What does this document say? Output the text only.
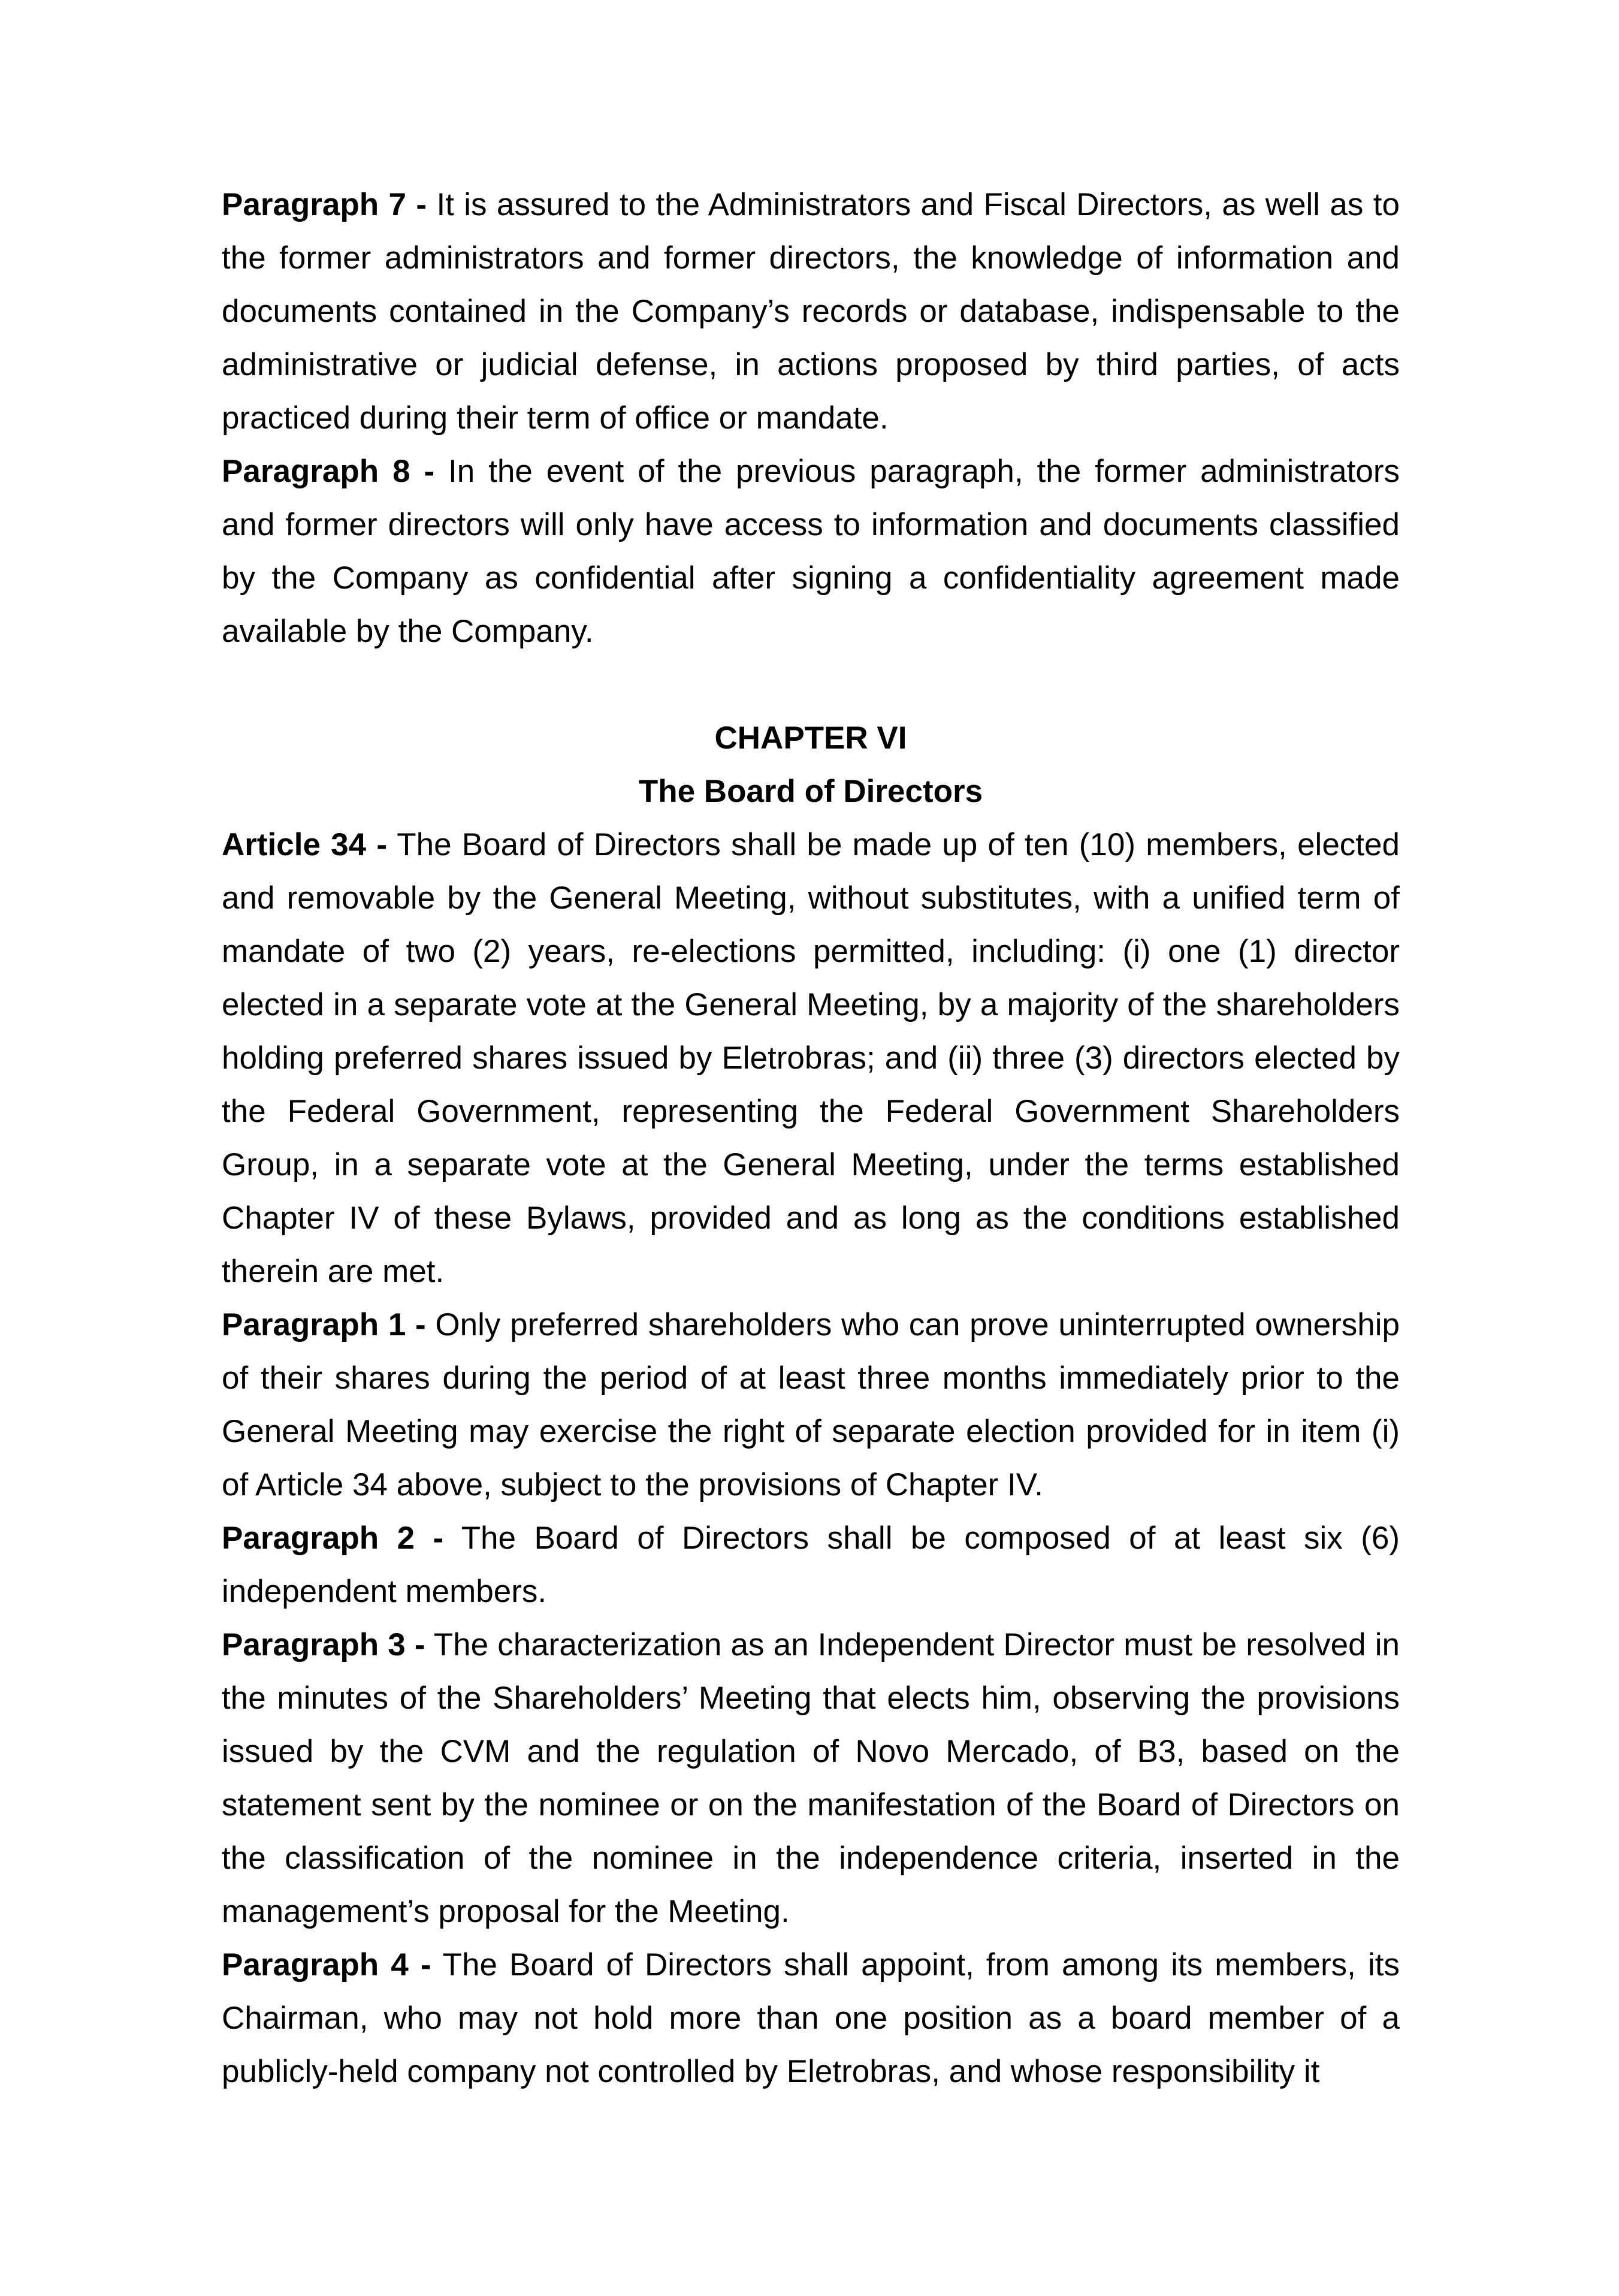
Paragraph 7 - It is assured to the Administrators and Fiscal Directors, as well as to the former administrators and former directors, the knowledge of information and documents contained in the Company’s records or database, indispensable to the administrative or judicial defense, in actions proposed by third parties, of acts practiced during their term of office or mandate.

Paragraph 8 - In the event of the previous paragraph, the former administrators and former directors will only have access to information and documents classified by the Company as confidential after signing a confidentiality agreement made available by the Company.

CHAPTER VI
The Board of Directors

Article 34 - The Board of Directors shall be made up of ten (10) members, elected and removable by the General Meeting, without substitutes, with a unified term of mandate of two (2) years, re-elections permitted, including: (i) one (1) director elected in a separate vote at the General Meeting, by a majority of the shareholders holding preferred shares issued by Eletrobras; and (ii) three (3) directors elected by the Federal Government, representing the Federal Government Shareholders Group, in a separate vote at the General Meeting, under the terms established Chapter IV of these Bylaws, provided and as long as the conditions established therein are met.

Paragraph 1 - Only preferred shareholders who can prove uninterrupted ownership of their shares during the period of at least three months immediately prior to the General Meeting may exercise the right of separate election provided for in item (i) of Article 34 above, subject to the provisions of Chapter IV.

Paragraph 2 - The Board of Directors shall be composed of at least six (6) independent members.

Paragraph 3 - The characterization as an Independent Director must be resolved in the minutes of the Shareholders’ Meeting that elects him, observing the provisions issued by the CVM and the regulation of Novo Mercado, of B3, based on the statement sent by the nominee or on the manifestation of the Board of Directors on the classification of the nominee in the independence criteria, inserted in the management’s proposal for the Meeting.

Paragraph 4 - The Board of Directors shall appoint, from among its members, its Chairman, who may not hold more than one position as a board member of a publicly-held company not controlled by Eletrobras, and whose responsibility it
